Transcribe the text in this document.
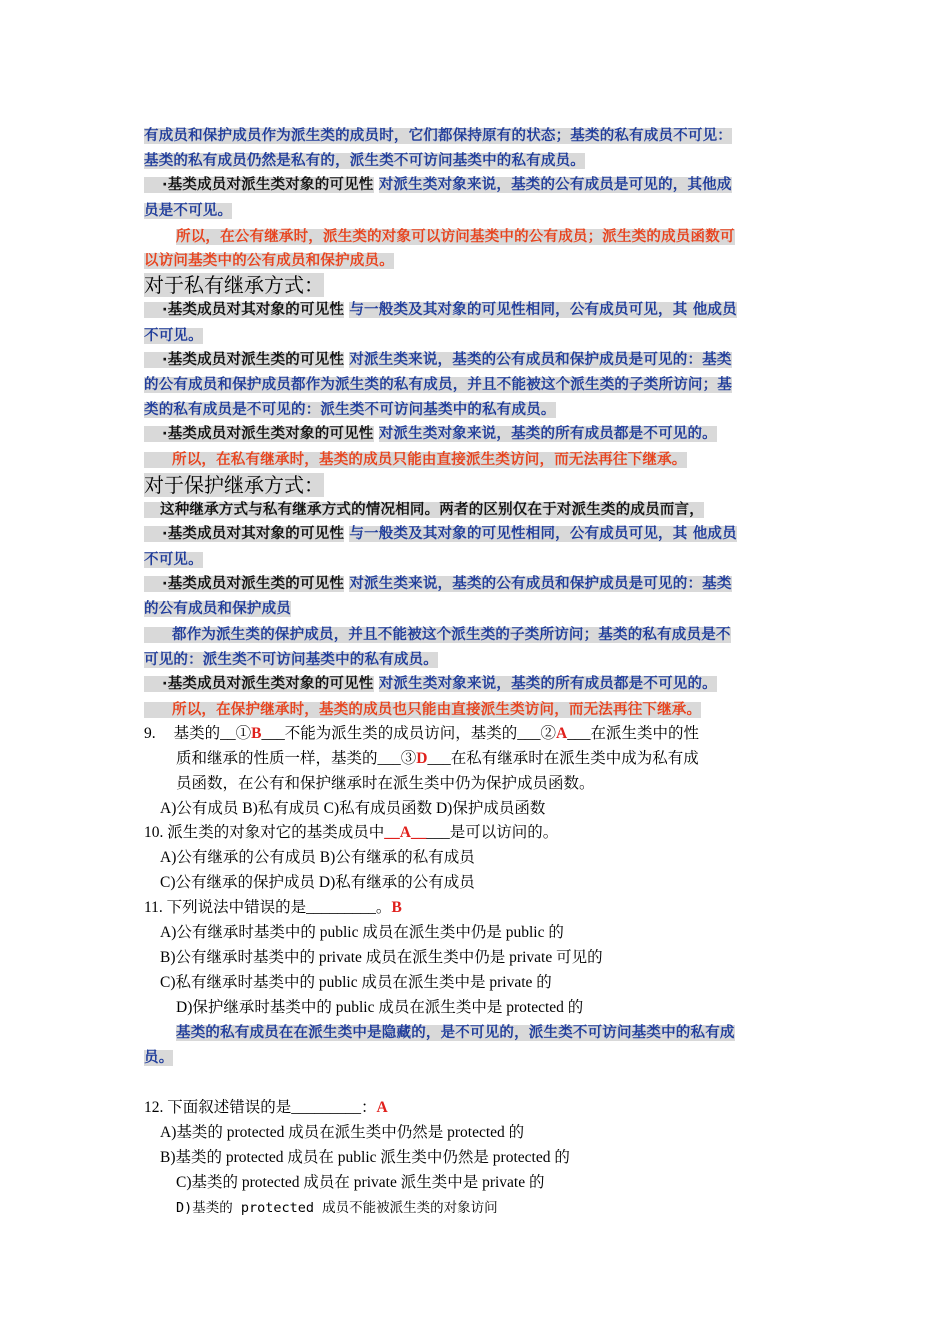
有成员和保护成员作为派生类的成员时，它们都保持原有的状态；基类的私有成员不可见：
基类的私有成员仍然是私有的，派生类不可访问基类中的私有成员。
·基类成员对派生类对象的可见性 对派生类对象来说，基类的公有成员是可见的，其他成
员是不可见。
所以，在公有继承时，派生类的对象可以访问基类中的公有成员；派生类的成员函数可
以访问基类中的公有成员和保护成员。
对于私有继承方式：
·基类成员对其对象的可见性 与一般类及其对象的可见性相同，公有成员可见，其 他成员
不可见。
·基类成员对派生类的可见性 对派生类来说，基类的公有成员和保护成员是可见的：基类
的公有成员和保护成员都作为派生类的私有成员，并且不能被这个派生类的子类所访问；基
类的私有成员是不可见的：派生类不可访问基类中的私有成员。
·基类成员对派生类对象的可见性 对派生类对象来说，基类的所有成员都是不可见的。
所以，在私有继承时，基类的成员只能由直接派生类访问，而无法再往下继承。
对于保护继承方式：
这种继承方式与私有继承方式的情况相同。两者的区别仅在于对派生类的成员而言，
·基类成员对其对象的可见性 与一般类及其对象的可见性相同，公有成员可见，其 他成员
不可见。
·基类成员对派生类的可见性 对派生类来说，基类的公有成员和保护成员是可见的：基类
的公有成员和保护成员
都作为派生类的保护成员，并且不能被这个派生类的子类所访问；基类的私有成员是不
可见的：派生类不可访问基类中的私有成员。
·基类成员对派生类对象的可见性 对派生类对象来说，基类的所有成员都是不可见的。
所以，在保护继承时，基类的成员也只能由直接派生类访问，而无法再往下继承。
9. 基类的__①B___不能为派生类的成员访问，基类的___②A___在派生类中的性
质和继承的性质一样，基类的___③D___在私有继承时在派生类中成为私有成
员函数，在公有和保护继承时在派生类中仍为保护成员函数。
A)公有成员 B)私有成员 C)私有成员函数 D)保护成员函数
10. 派生类的对象对它的基类成员中__A_____是可以访问的。
A)公有继承的公有成员 B)公有继承的私有成员
C)公有继承的保护成员 D)私有继承的公有成员
11. 下列说法中错误的是_________。B
A)公有继承时基类中的 public 成员在派生类中仍是 public 的
B)公有继承时基类中的 private 成员在派生类中仍是 private 可见的
C)私有继承时基类中的 public 成员在派生类中是 private 的
D)保护继承时基类中的 public 成员在派生类中是 protected 的
基类的私有成员在在派生类中是隐藏的，是不可见的，派生类不可访问基类中的私有成
员。
12. 下面叙述错误的是_________：A
A)基类的 protected 成员在派生类中仍然是 protected 的
B)基类的 protected 成员在 public 派生类中仍然是 protected 的
C)基类的 protected 成员在 private 派生类中是 private 的
D)基类的 protected 成员不能被派生类的对象访问
